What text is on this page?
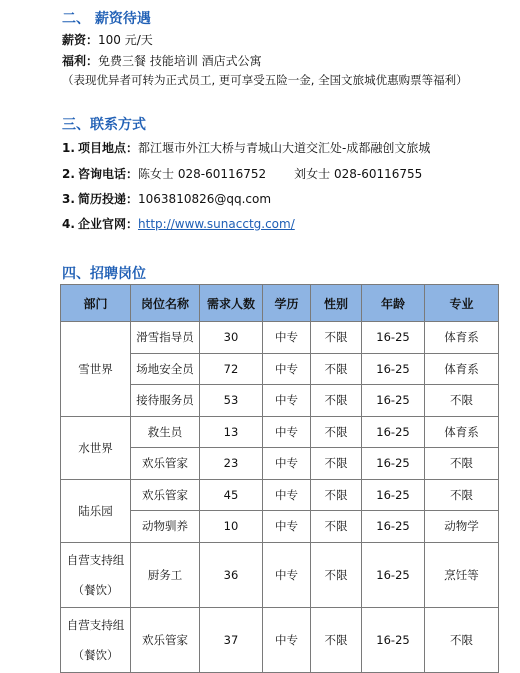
二、 薪资待遇
薪资：100 元/天
福利：免费三餐 技能培训 酒店式公寓
（表现优异者可转为正式员工, 更可享受五险一金, 全国文旅城优惠购票等福利）
三、联系方式
1. 项目地点：都江堰市外江大桥与青城山大道交汇处-成都融创文旅城
2. 咨询电话：陈女士 028-60116752 刘女士 028-60116755
3. 简历投递：1063810826@qq.com
4. 企业官网：http://www.sunacctg.com/
四、招聘岗位
部门	岗位名称	需求人数	学历	性别	年龄	专业
雪世界	滑雪指导员	30	中专	不限	16-25	体育系
	场地安全员	72	中专	不限	16-25	体育系
	接待服务员	53	中专	不限	16-25	不限
水世界	救生员	13	中专	不限	16-25	体育系
	欢乐管家	23	中专	不限	16-25	不限
陆乐园	欢乐管家	45	中专	不限	16-25	不限
	动物驯养	10	中专	不限	16-25	动物学

自营支持组
（餐饮）	厨务工	36	中专	不限	16-25	烹饪等

自营支持组
（餐饮）	欢乐管家	37	中专	不限	16-25	不限
